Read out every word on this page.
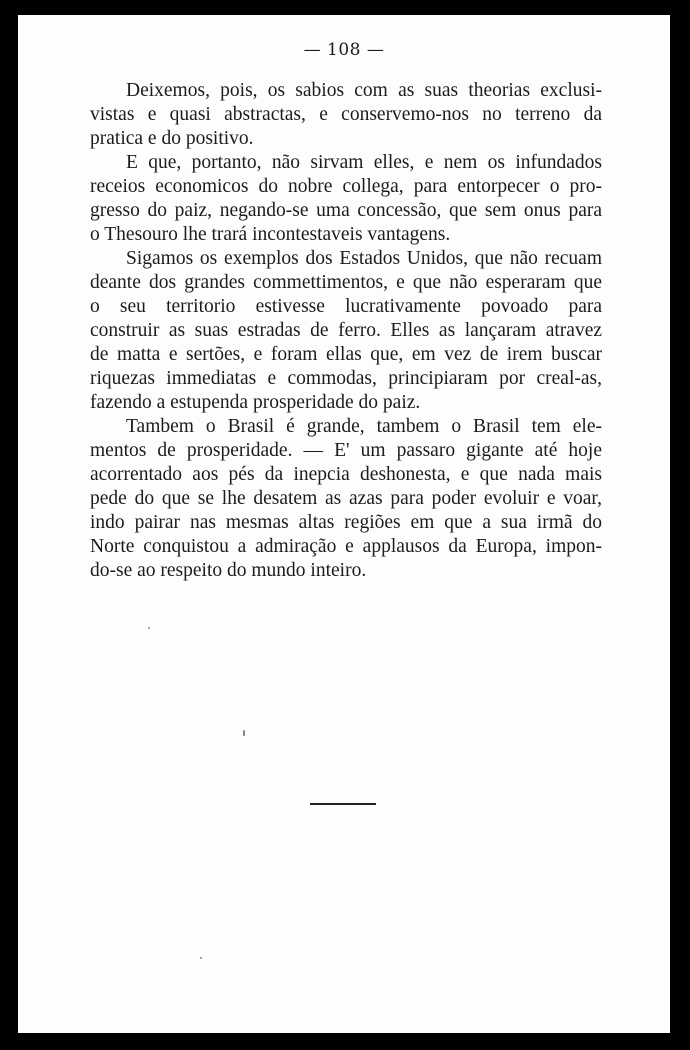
— 108 —
Deixemos, pois, os sabios com as suas theorias exclusi-
vistas e quasi abstractas, e conservemo-nos no terreno da
pratica e do positivo.
E que, portanto, não sirvam elles, e nem os infundados
receios economicos do nobre collega, para entorpecer o pro-
gresso do paiz, negando-se uma concessão, que sem onus para
o Thesouro lhe trará incontestaveis vantagens.
Sigamos os exemplos dos Estados Unidos, que não recuam
deante dos grandes commettimentos, e que não esperaram que
o seu territorio estivesse lucrativamente povoado para
construir as suas estradas de ferro. Elles as lançaram atravez
de matta e sertões, e foram ellas que, em vez de irem buscar
riquezas immediatas e commodas, principiaram por creal-as,
fazendo a estupenda prosperidade do paiz.
Tambem o Brasil é grande, tambem o Brasil tem ele-
mentos de prosperidade. — E' um passaro gigante até hoje
acorrentado aos pés da inepcia deshonesta, e que nada mais
pede do que se lhe desatem as azas para poder evoluir e voar,
indo pairar nas mesmas altas regiões em que a sua irmã do
Norte conquistou a admiração e applausos da Europa, impon-
do-se ao respeito do mundo inteiro.
